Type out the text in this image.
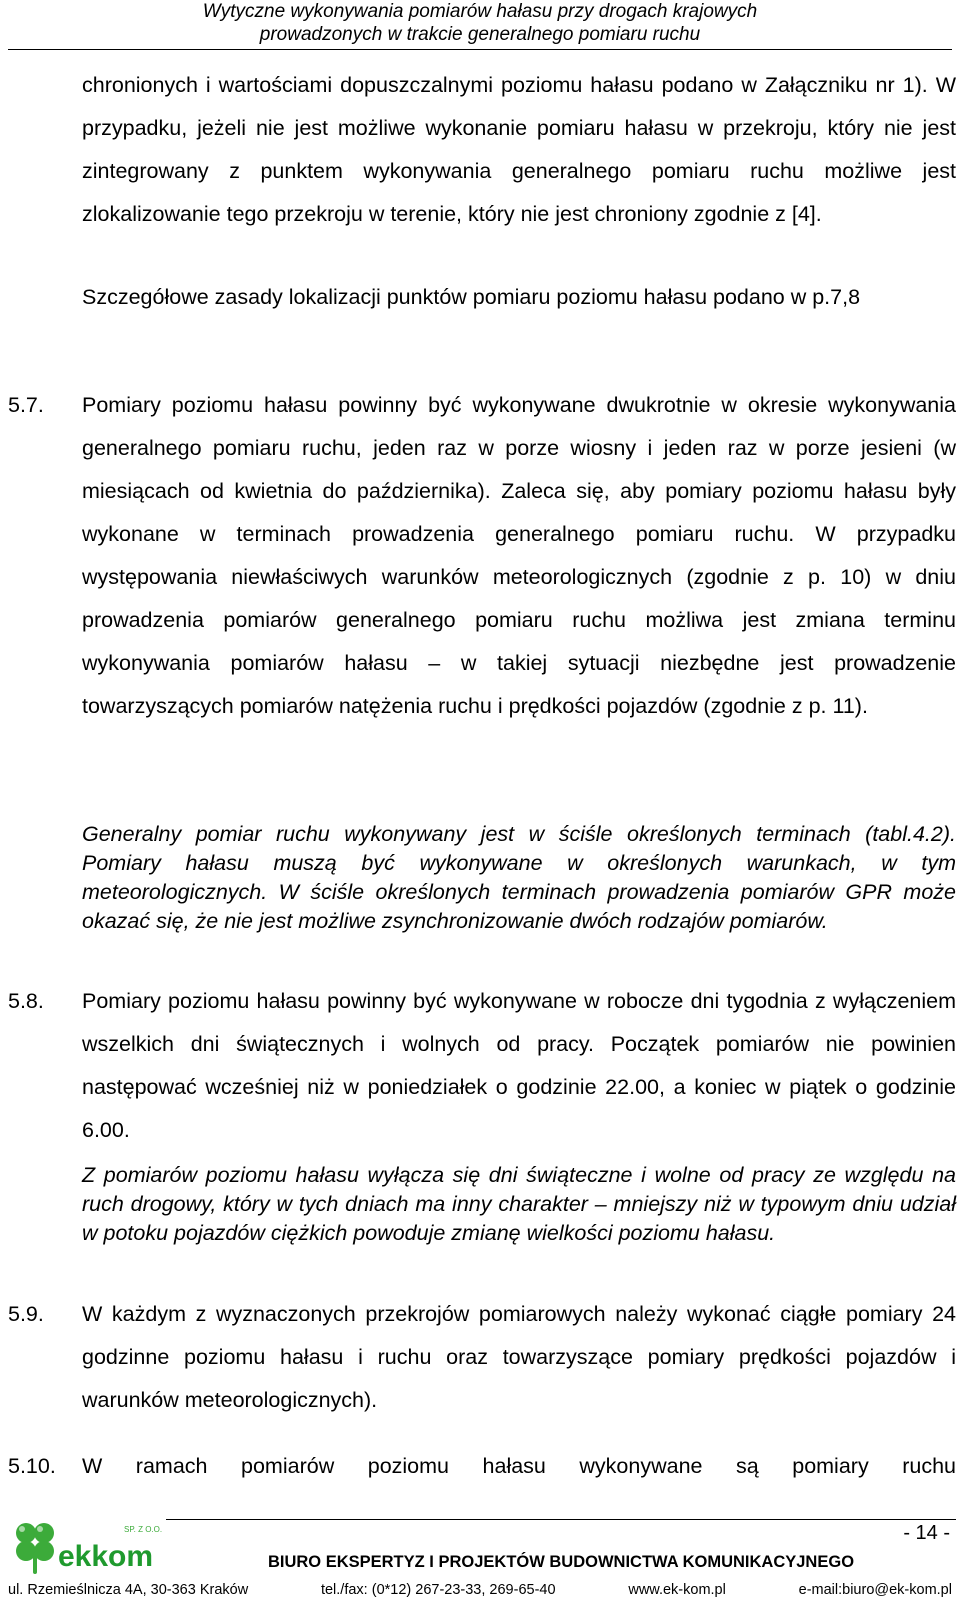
Wytyczne wykonywania pomiarów hałasu przy drogach krajowych
prowadzonych w trakcie generalnego pomiaru ruchu
chronionych i wartościami dopuszczalnymi poziomu hałasu podano w Załączniku nr 1). W przypadku, jeżeli nie jest możliwe wykonanie pomiaru hałasu w przekroju, który nie jest zintegrowany z punktem wykonywania generalnego pomiaru ruchu możliwe jest zlokalizowanie tego przekroju w terenie, który nie jest chroniony zgodnie z [4].
Szczegółowe zasady lokalizacji punktów pomiaru poziomu hałasu podano w p.7,8
5.7. Pomiary poziomu hałasu powinny być wykonywane dwukrotnie w okresie wykonywania generalnego pomiaru ruchu, jeden raz w porze wiosny i jeden raz w porze jesieni (w miesiącach od kwietnia do października). Zaleca się, aby pomiary poziomu hałasu były wykonane w terminach prowadzenia generalnego pomiaru ruchu. W przypadku występowania niewłaściwych warunków meteorologicznych (zgodnie z p. 10) w dniu prowadzenia pomiarów generalnego pomiaru ruchu możliwa jest zmiana terminu wykonywania pomiarów hałasu – w takiej sytuacji niezbędne jest prowadzenie towarzyszących pomiarów natężenia ruchu i prędkości pojazdów (zgodnie z p. 11).
Generalny pomiar ruchu wykonywany jest w ściśle określonych terminach (tabl.4.2). Pomiary hałasu muszą być wykonywane w określonych warunkach, w tym meteorologicznych. W ściśle określonych terminach prowadzenia pomiarów GPR może okazać się, że nie jest możliwe zsynchronizowanie dwóch rodzajów pomiarów.
5.8. Pomiary poziomu hałasu powinny być wykonywane w robocze dni tygodnia z wyłączeniem wszelkich dni świątecznych i wolnych od pracy. Początek pomiarów nie powinien następować wcześniej niż w poniedziałek o godzinie 22.00, a koniec w piątek o godzinie 6.00.
Z pomiarów poziomu hałasu wyłącza się dni świąteczne i wolne od pracy ze względu na ruch drogowy, który w tych dniach ma inny charakter – mniejszy niż w typowym dniu udział w potoku pojazdów ciężkich powoduje zmianę wielkości poziomu hałasu.
5.9. W każdym z wyznaczonych przekrojów pomiarowych należy wykonać ciągłe pomiary 24 godzinne poziomu hałasu i ruchu oraz towarzyszące pomiary prędkości pojazdów i warunków meteorologicznych).
5.10. W ramach pomiarów poziomu hałasu wykonywane są pomiary ruchu
SP. Z O.O.
ekkom
- 14 -
BIURO EKSPERTYZ I PROJEKTÓW BUDOWNICTWA KOMUNIKACYJNEGO
ul. Rzemieślnicza 4A, 30-363 Kraków	tel./fax: (0*12) 267-23-33, 269-65-40	www.ek-kom.pl	e-mail:biuro@ek-kom.pl
